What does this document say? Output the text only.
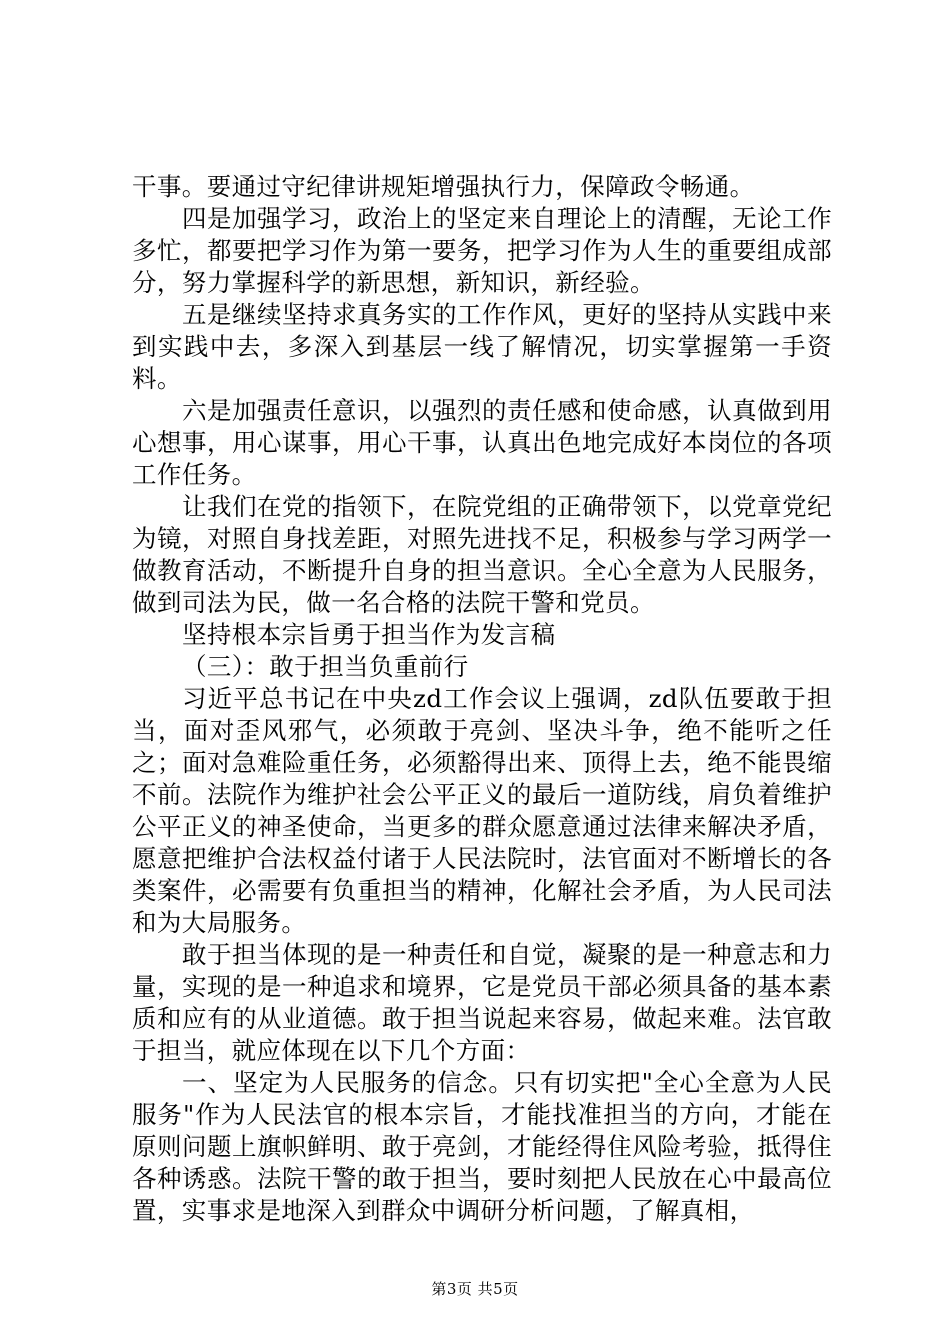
干事。要通过守纪律讲规矩增强执行力，保障政令畅通。

四是加强学习，政治上的坚定来自理论上的清醒，无论工作多忙，都要把学习作为第一要务，把学习作为人生的重要组成部分，努力掌握科学的新思想，新知识，新经验。

五是继续坚持求真务实的工作作风，更好的坚持从实践中来到实践中去，多深入到基层一线了解情况，切实掌握第一手资料。

六是加强责任意识，以强烈的责任感和使命感，认真做到用心想事，用心谋事，用心干事，认真出色地完成好本岗位的各项工作任务。

让我们在党的指领下，在院党组的正确带领下，以党章党纪为镜，对照自身找差距，对照先进找不足，积极参与学习两学一做教育活动，不断提升自身的担当意识。全心全意为人民服务，做到司法为民，做一名合格的法院干警和党员。

坚持根本宗旨勇于担当作为发言稿

（三）：敢于担当负重前行

习近平总书记在中央zd工作会议上强调，zd队伍要敢于担当，面对歪风邪气，必须敢于亮剑、坚决斗争，绝不能听之任之；面对急难险重任务，必须豁得出来、顶得上去，绝不能畏缩不前。法院作为维护社会公平正义的最后一道防线，肩负着维护公平正义的神圣使命，当更多的群众愿意通过法律来解决矛盾，愿意把维护合法权益付诸于人民法院时，法官面对不断增长的各类案件，必需要有负重担当的精神，化解社会矛盾，为人民司法和为大局服务。

敢于担当体现的是一种责任和自觉，凝聚的是一种意志和力量，实现的是一种追求和境界，它是党员干部必须具备的基本素质和应有的从业道德。敢于担当说起来容易，做起来难。法官敢于担当，就应体现在以下几个方面：

一、坚定为人民服务的信念。只有切实把"全心全意为人民服务"作为人民法官的根本宗旨，才能找准担当的方向，才能在原则问题上旗帜鲜明、敢于亮剑，才能经得住风险考验，抵得住各种诱惑。法院干警的敢于担当，要时刻把人民放在心中最高位置，实事求是地深入到群众中调研分析问题，了解真相，

第3页 共5页
